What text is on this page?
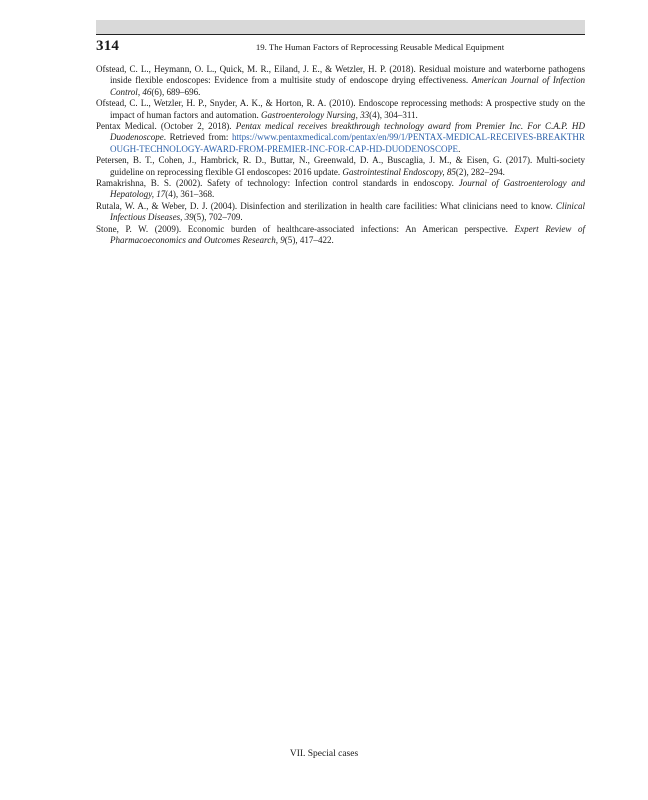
314	19. The Human Factors of Reprocessing Reusable Medical Equipment

Ofstead, C. L., Heymann, O. L., Quick, M. R., Eiland, J. E., & Wetzler, H. P. (2018). Residual moisture and waterborne pathogens inside flexible endoscopes: Evidence from a multisite study of endoscope drying effectiveness. American Journal of Infection Control, 46(6), 689–696.

Ofstead, C. L., Wetzler, H. P., Snyder, A. K., & Horton, R. A. (2010). Endoscope reprocessing methods: A prospective study on the impact of human factors and automation. Gastroenterology Nursing, 33(4), 304–311.

Pentax Medical. (October 2, 2018). Pentax medical receives breakthrough technology award from Premier Inc. For C.A.P. HD Duodenoscope. Retrieved from: https://www.pentaxmedical.com/pentax/en/99/1/PENTAX-MEDICAL-RECEIVES-BREAKTHROUGH-TECHNOLOGY-AWARD-FROM-PREMIER-INC-FOR-CAP-HD-DUODENOSCOPE.

Petersen, B. T., Cohen, J., Hambrick, R. D., Buttar, N., Greenwald, D. A., Buscaglia, J. M., & Eisen, G. (2017). Multi-society guideline on reprocessing flexible GI endoscopes: 2016 update. Gastrointestinal Endoscopy, 85(2), 282–294.

Ramakrishna, B. S. (2002). Safety of technology: Infection control standards in endoscopy. Journal of Gastroenterology and Hepatology, 17(4), 361–368.

Rutala, W. A., & Weber, D. J. (2004). Disinfection and sterilization in health care facilities: What clinicians need to know. Clinical Infectious Diseases, 39(5), 702–709.

Stone, P. W. (2009). Economic burden of healthcare-associated infections: An American perspective. Expert Review of Pharmacoeconomics and Outcomes Research, 9(5), 417–422.

VII. Special cases
